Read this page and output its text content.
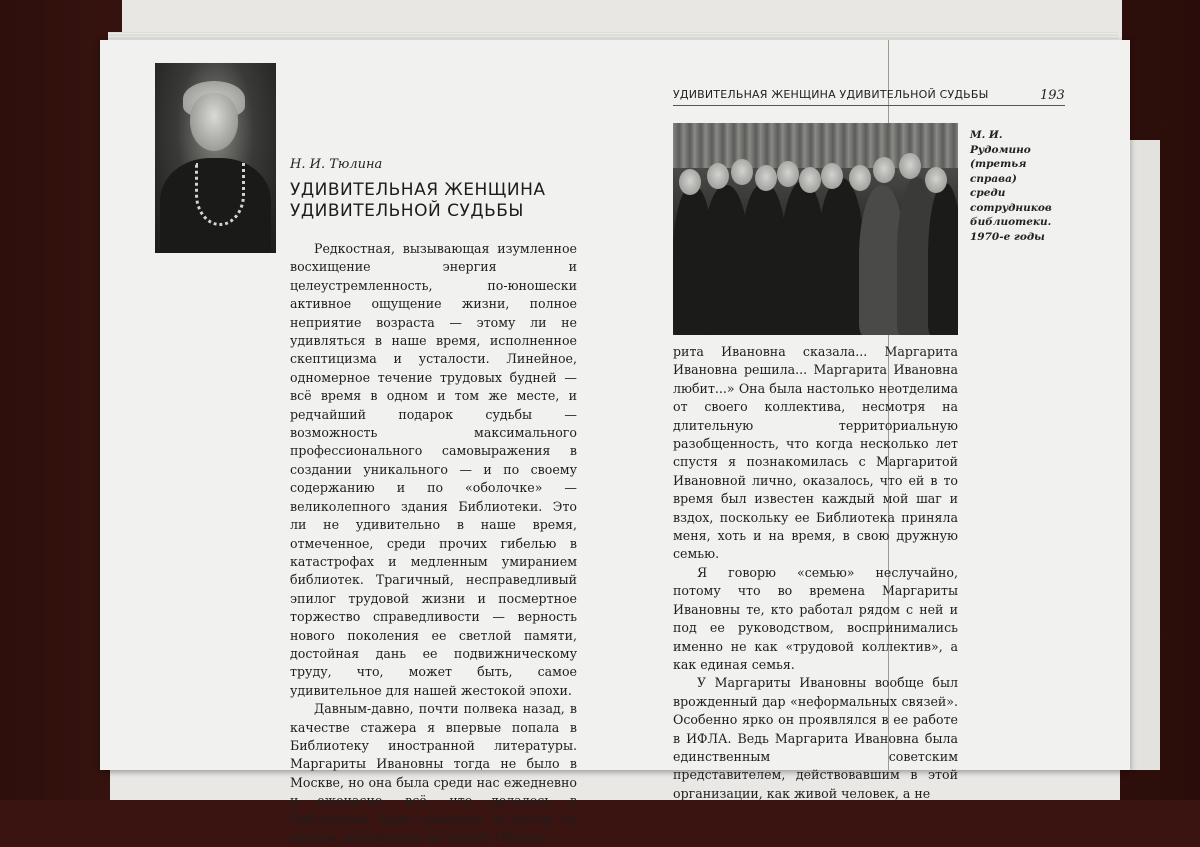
Н. И. Тюлина
УДИВИТЕЛЬНАЯ ЖЕНЩИНА
УДИВИТЕЛЬНОЙ СУДЬБЫ

Редкостная, вызывающая изумленное восхищение энергия и целеустремленность, по-юношески активное ощущение жизни, полное неприятие возраста — этому ли не удивляться в наше время, исполненное скептицизма и усталости. Линейное, одномерное течение трудовых будней — всё время в одном и том же месте, и редчайший подарок судьбы — возможность максимального профессионального самовыражения в создании уникального — и по своему содержанию и по «оболочке» — великолепного здания Библиотеки. Это ли не удивительно в наше время, отмеченное, среди прочих гибелью в катастрофах и медленным умиранием библиотек. Трагичный, несправедливый эпилог трудовой жизни и посмертное торжество справедливости — верность нового поколения ее светлой памяти, достойная дань ее подвижническому труду, что, может быть, самое удивительное для нашей жестокой эпохи.

Давным-давно, почти полвека назад, в качестве стажера я впервые попала в Библиотеку иностранной литературы. Маргариты Ивановны тогда не было в Москве, но она была среди нас ежедневно и ежечасно, всё, что делалось в Библиотеке, было освещено ее волей, ее вкусом, направлено ее рукой: «Марга-

УДИВИТЕЛЬНАЯ ЖЕНЩИНА УДИВИТЕЛЬНОЙ СУДЬБЫ	193
М. И. Рудомино (третья справа) среди сотрудников библиотеки. 1970-е годы

рита Ивановна сказала... Маргарита Ивановна решила... Маргарита Ивановна любит...» Она была настолько неотделима от своего коллектива, несмотря на длительную территориальную разобщенность, что когда несколько лет спустя я познакомилась с Маргаритой Ивановной лично, оказалось, что ей в то время был известен каждый мой шаг и вздох, поскольку ее Библиотека приняла меня, хоть и на время, в свою дружную семью.

Я говорю «семью» неслучайно, потому что во времена Маргариты Ивановны те, кто работал рядом с ней и под ее руководством, воспринимались именно не как «трудовой коллектив», а как единая семья.

У Маргариты Ивановны вообще был врожденный дар «неформальных связей». Особенно ярко он проявлялся в ее работе в ИФЛА. Ведь Маргарита Ивановна была единственным советским представителем, действовавшим в этой организации, как живой человек, а не
